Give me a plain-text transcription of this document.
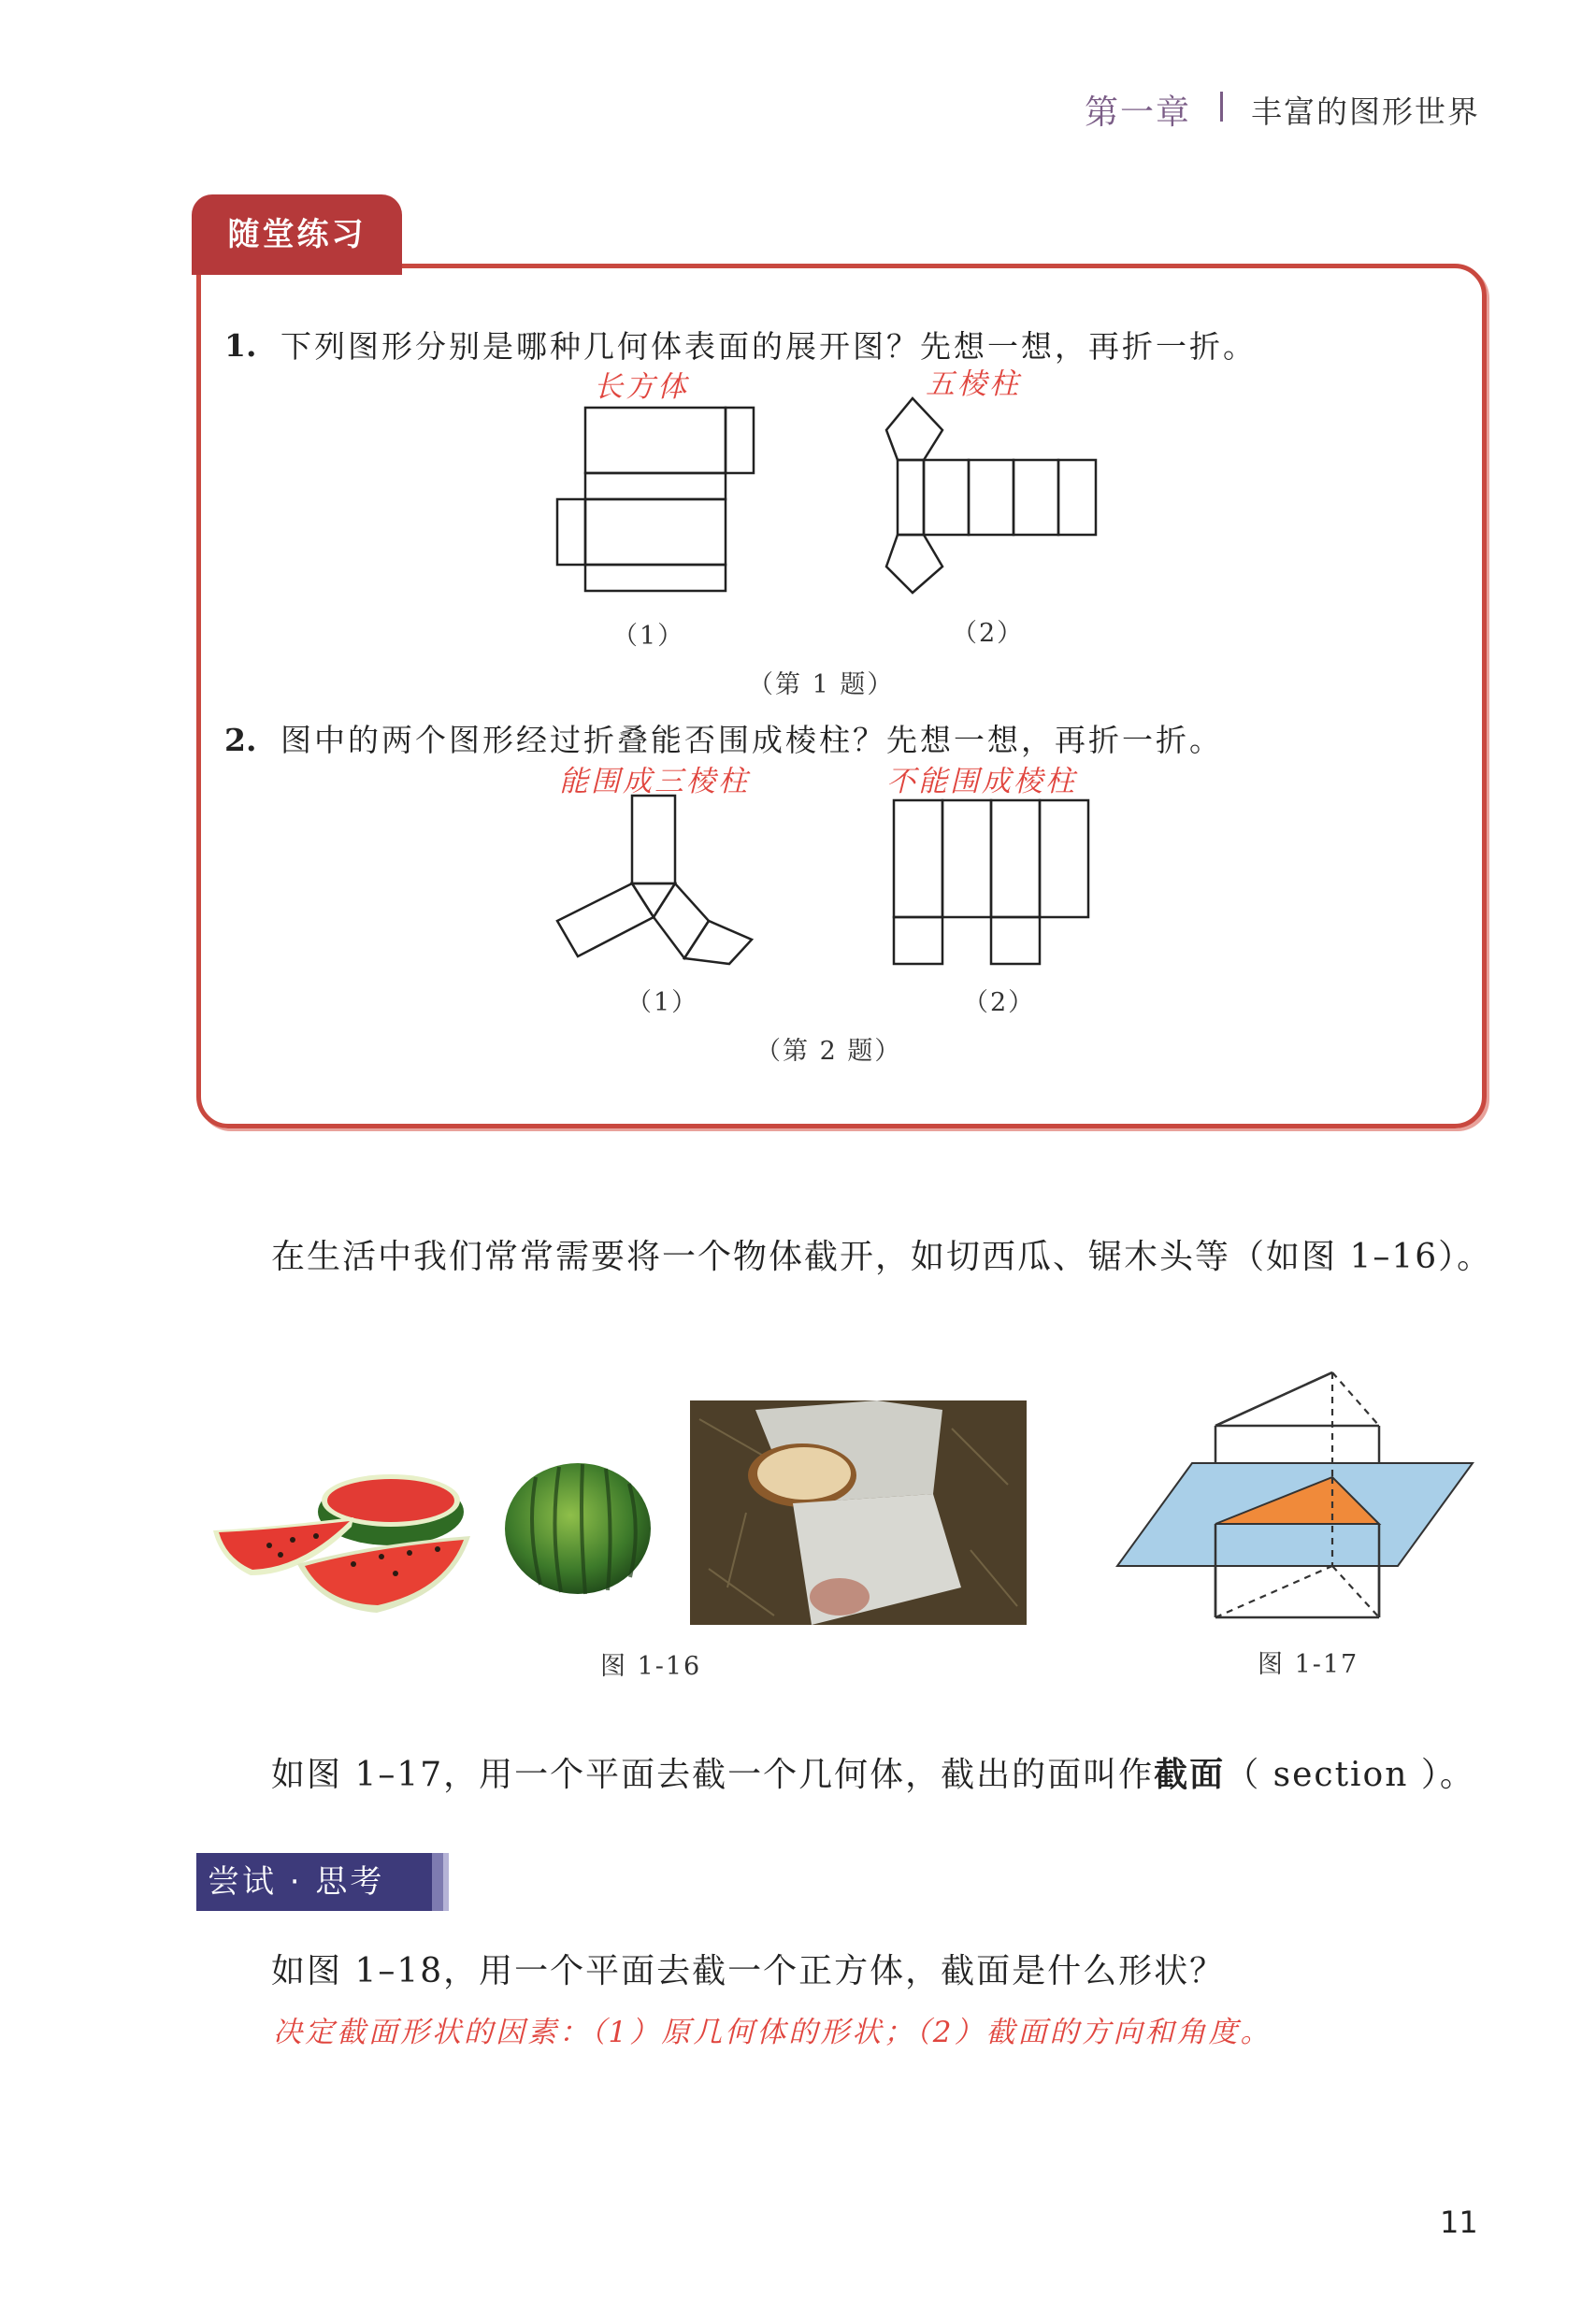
第一章 丰富的图形世界
随堂练习
1. 下列图形分别是哪种几何体表面的展开图？先想一想，再折一折。
长方体	五棱柱
（1）	（2）
（第 1 题）
2. 图中的两个图形经过折叠能否围成棱柱？先想一想，再折一折。
能围成三棱柱	不能围成棱柱
（1）	（2）
（第 2 题）
在生活中我们常常需要将一个物体截开，如切西瓜、锯木头等（如图 1–16）。
图 1-16	图 1-17
如图 1–17，用一个平面去截一个几何体，截出的面叫作截面（ section ）。
尝试 · 思考
如图 1–18，用一个平面去截一个正方体，截面是什么形状？
决定截面形状的因素：（1）原几何体的形状；（2）截面的方向和角度。
11
